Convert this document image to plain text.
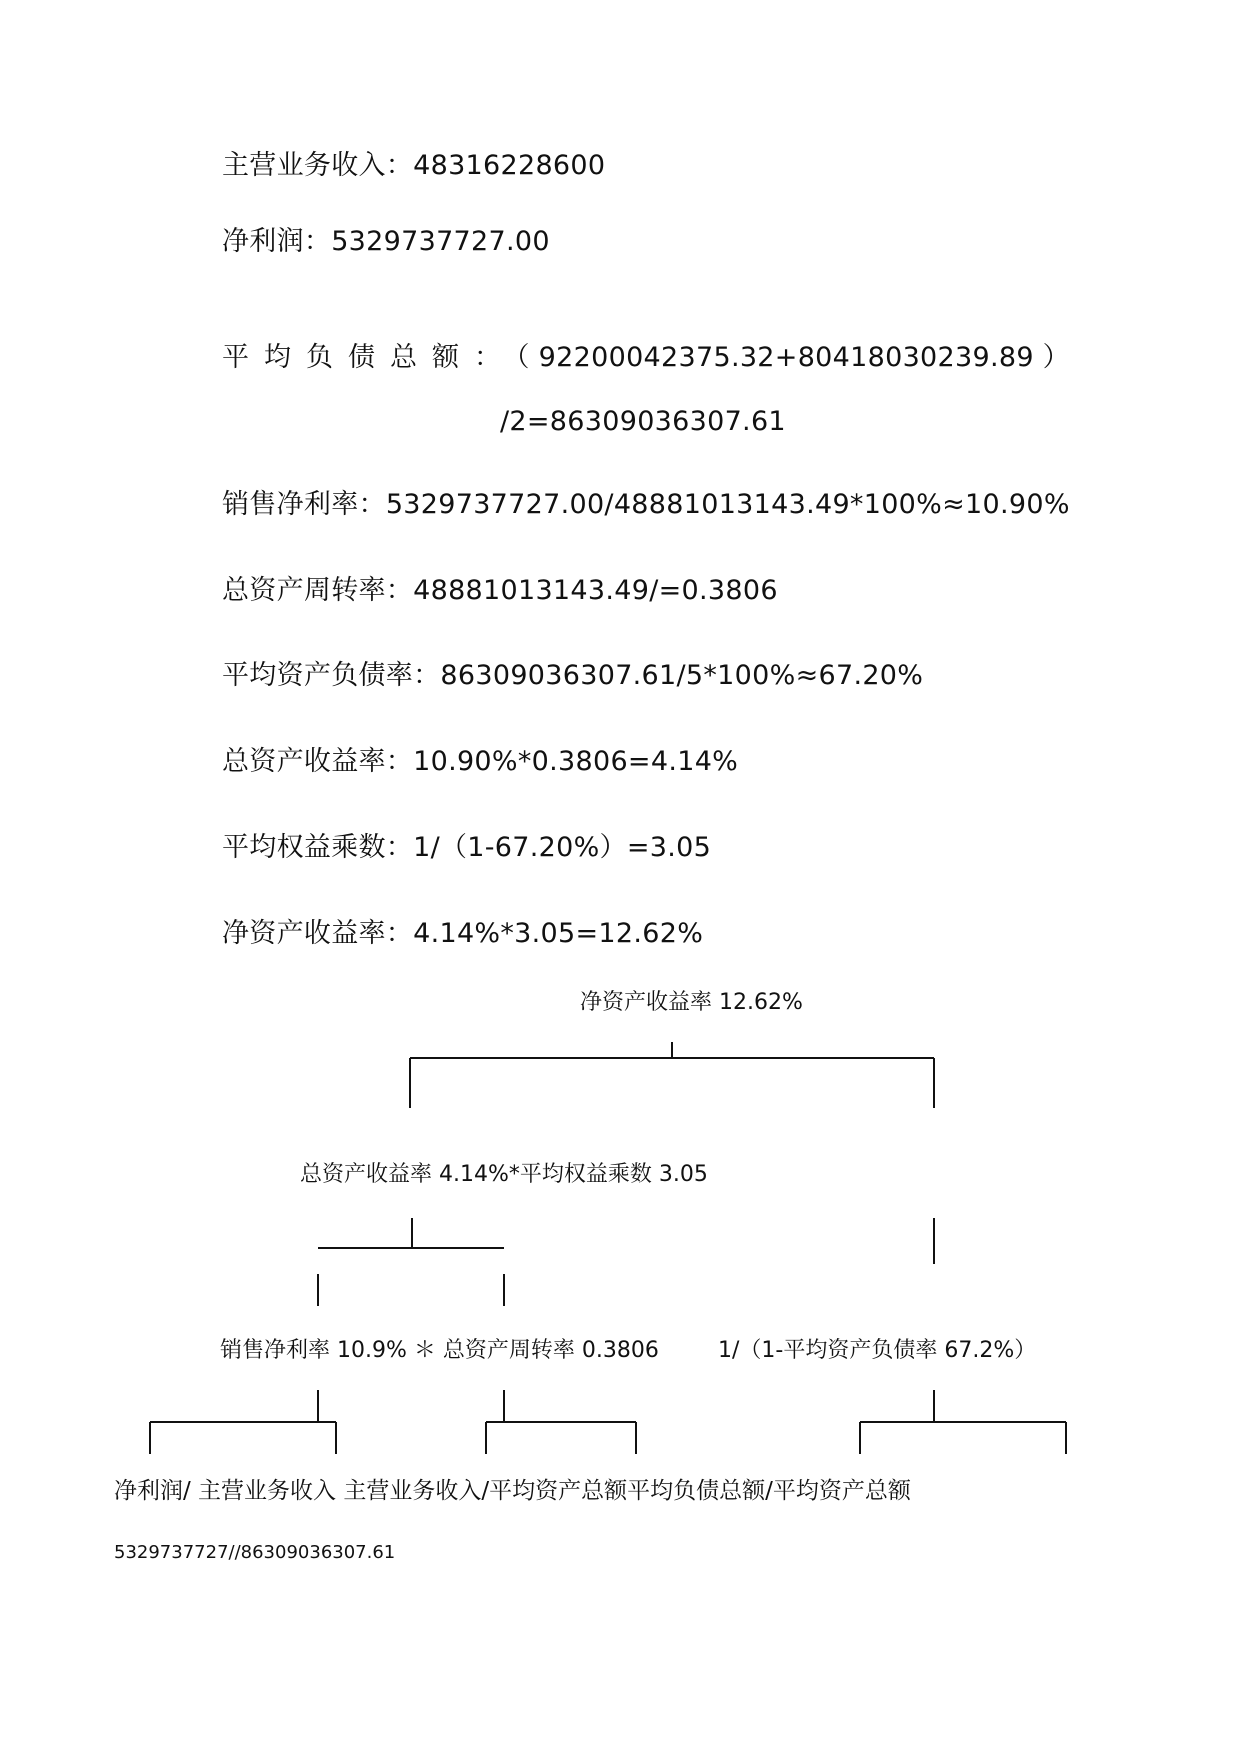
主营业务收入：48316228600
净利润：5329737727.00
平均负债总额：（ 92200042375.32+80418030239.89 ）
/2=86309036307.61
销售净利率：5329737727.00/48881013143.49*100%≈10.90%
总资产周转率：48881013143.49/=0.3806
平均资产负债率：86309036307.61/5*100%≈67.20%
总资产收益率：10.90%*0.3806=4.14%
平均权益乘数：1/（1-67.20%）=3.05
净资产收益率：4.14%*3.05=12.62%
净资产收益率 12.62%
总资产收益率 4.14%*平均权益乘数 3.05
销售净利率 10.9% ＊ 总资产周转率 0.3806	1/（1-平均资产负债率 67.2%）
净利润/ 主营业务收入 主营业务收入/平均资产总额平均负债总额/平均资产总额
5329737727//86309036307.61
